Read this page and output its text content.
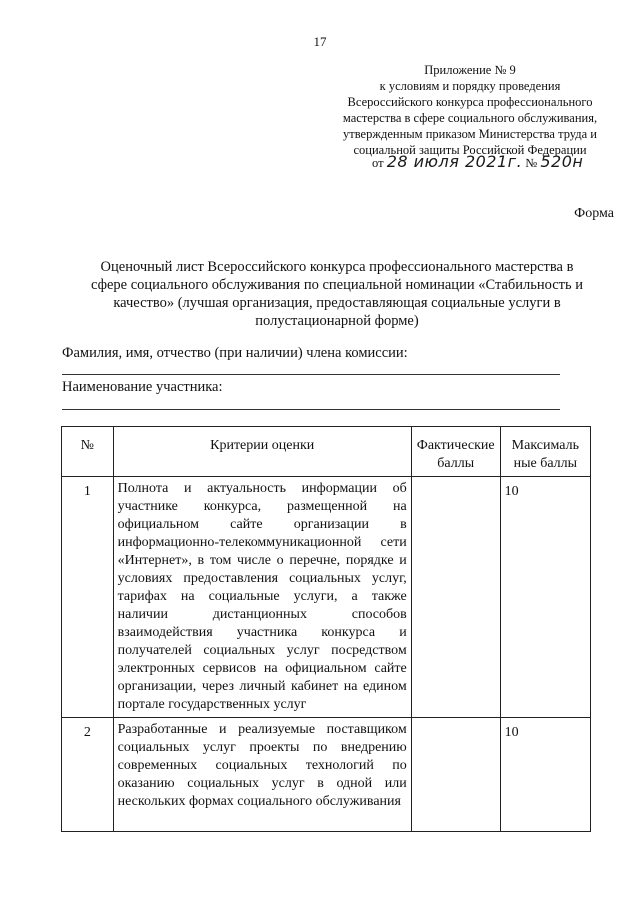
17
Приложение № 9
к условиям и порядку проведения
Всероссийского конкурса профессионального
мастерства в сфере социального обслуживания,
утвержденным приказом Министерства труда и
социальной защиты Российской Федерации
от 28 июля 2021г. № 520н
Форма
Оценочный лист Всероссийского конкурса профессионального мастерства в
сфере социального обслуживания по специальной номинации «Стабильность и
качество» (лучшая организация, предоставляющая социальные услуги в
полустационарной форме)
Фамилия, имя, отчество (при наличии) члена комиссии:
Наименование участника:
№	Критерии оценки	Фактические баллы	Максималь ные баллы
1	Полнота и актуальность информации об участнике конкурса, размещенной на официальном сайте организации в информационно-телекоммуникационной сети «Интернет», в том числе о перечне, порядке и условиях предоставления социальных услуг, тарифах на социальные услуги, а также наличии дистанционных способов взаимодействия участника конкурса и получателей социальных услуг посредством электронных сервисов на официальном сайте организации, через личный кабинет на едином портале государственных услуг		10
2	Разработанные и реализуемые поставщиком социальных услуг проекты по внедрению современных социальных технологий по оказанию социальных услуг в одной или нескольких формах социального обслуживания		10
